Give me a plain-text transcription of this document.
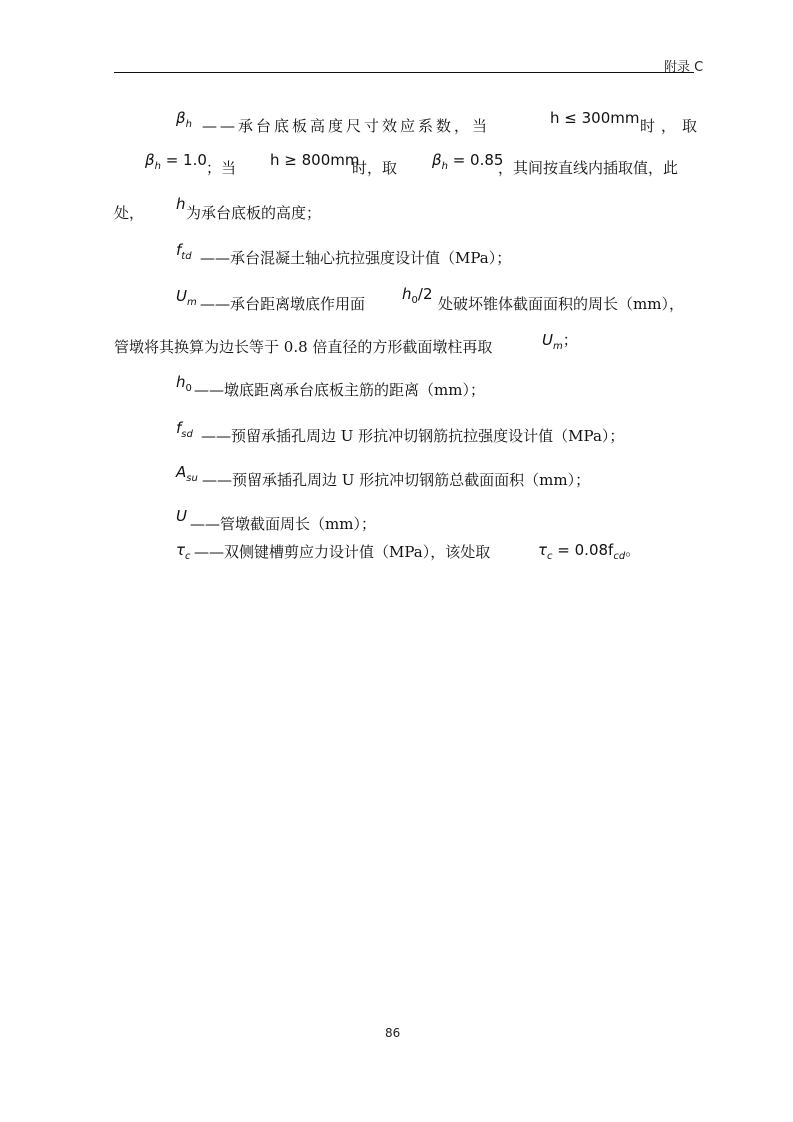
附录 C
$\beta_h$ ——承台底板高度尺寸效应系数，当	h ≤ 300mm 时，取
$\beta_h = 1.0$ ；当 h ≥ 800mm
时，取 $\beta_h = 0.85$
，其间按直线内插取值，此
处， h 为承台底板的高度；
$f_{td}$ ——承台混凝土轴心抗拉强度设计值（MPa）；
$U_m$ ——承台距离墩底作用面
$h_0/2$
处破坏锥体截面面积的周长（mm），
管墩将其换算为边长等于 0.8 倍直径的方形截面墩柱再取	$U_m$；
$h_0$ ——墩底距离承台底板主筋的距离（mm）；
$f_{sd}$ ——预留承插孔周边 U 形抗冲切钢筋抗拉强度设计值（MPa）；
$A_{su}$ ——预留承插孔周边 U 形抗冲切钢筋总截面面积（mm）；
U ——管墩截面周长（mm）；
$\tau_c$ ——双侧键槽剪应力设计值（MPa），该处取	$\tau_c = 0.08f_{cd}$。
86
